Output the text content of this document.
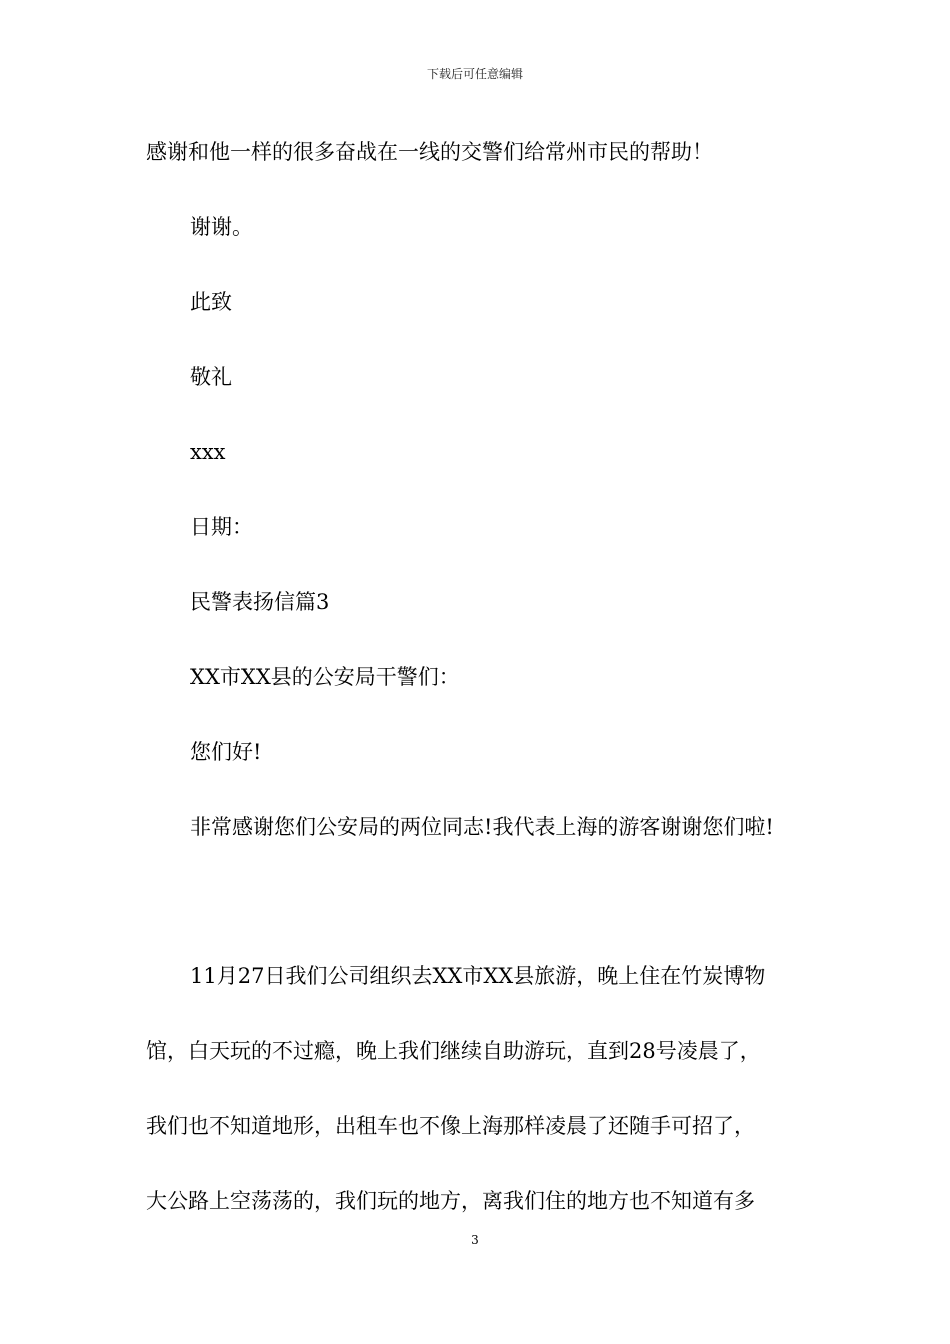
下载后可任意编辑
感谢和他一样的很多奋战在一线的交警们给常州市民的帮助！
谢谢。
此致
敬礼
xxx
日期：
民警表扬信篇3
XX市XX县的公安局干警们：
您们好!
非常感谢您们公安局的两位同志!我代表上海的游客谢谢您们啦!
11月27日我们公司组织去XX市XX县旅游，晚上住在竹炭博物
馆，白天玩的不过瘾，晚上我们继续自助游玩，直到28号凌晨了，
我们也不知道地形，出租车也不像上海那样凌晨了还随手可招了，
大公路上空荡荡的，我们玩的地方，离我们住的地方也不知道有多
3
